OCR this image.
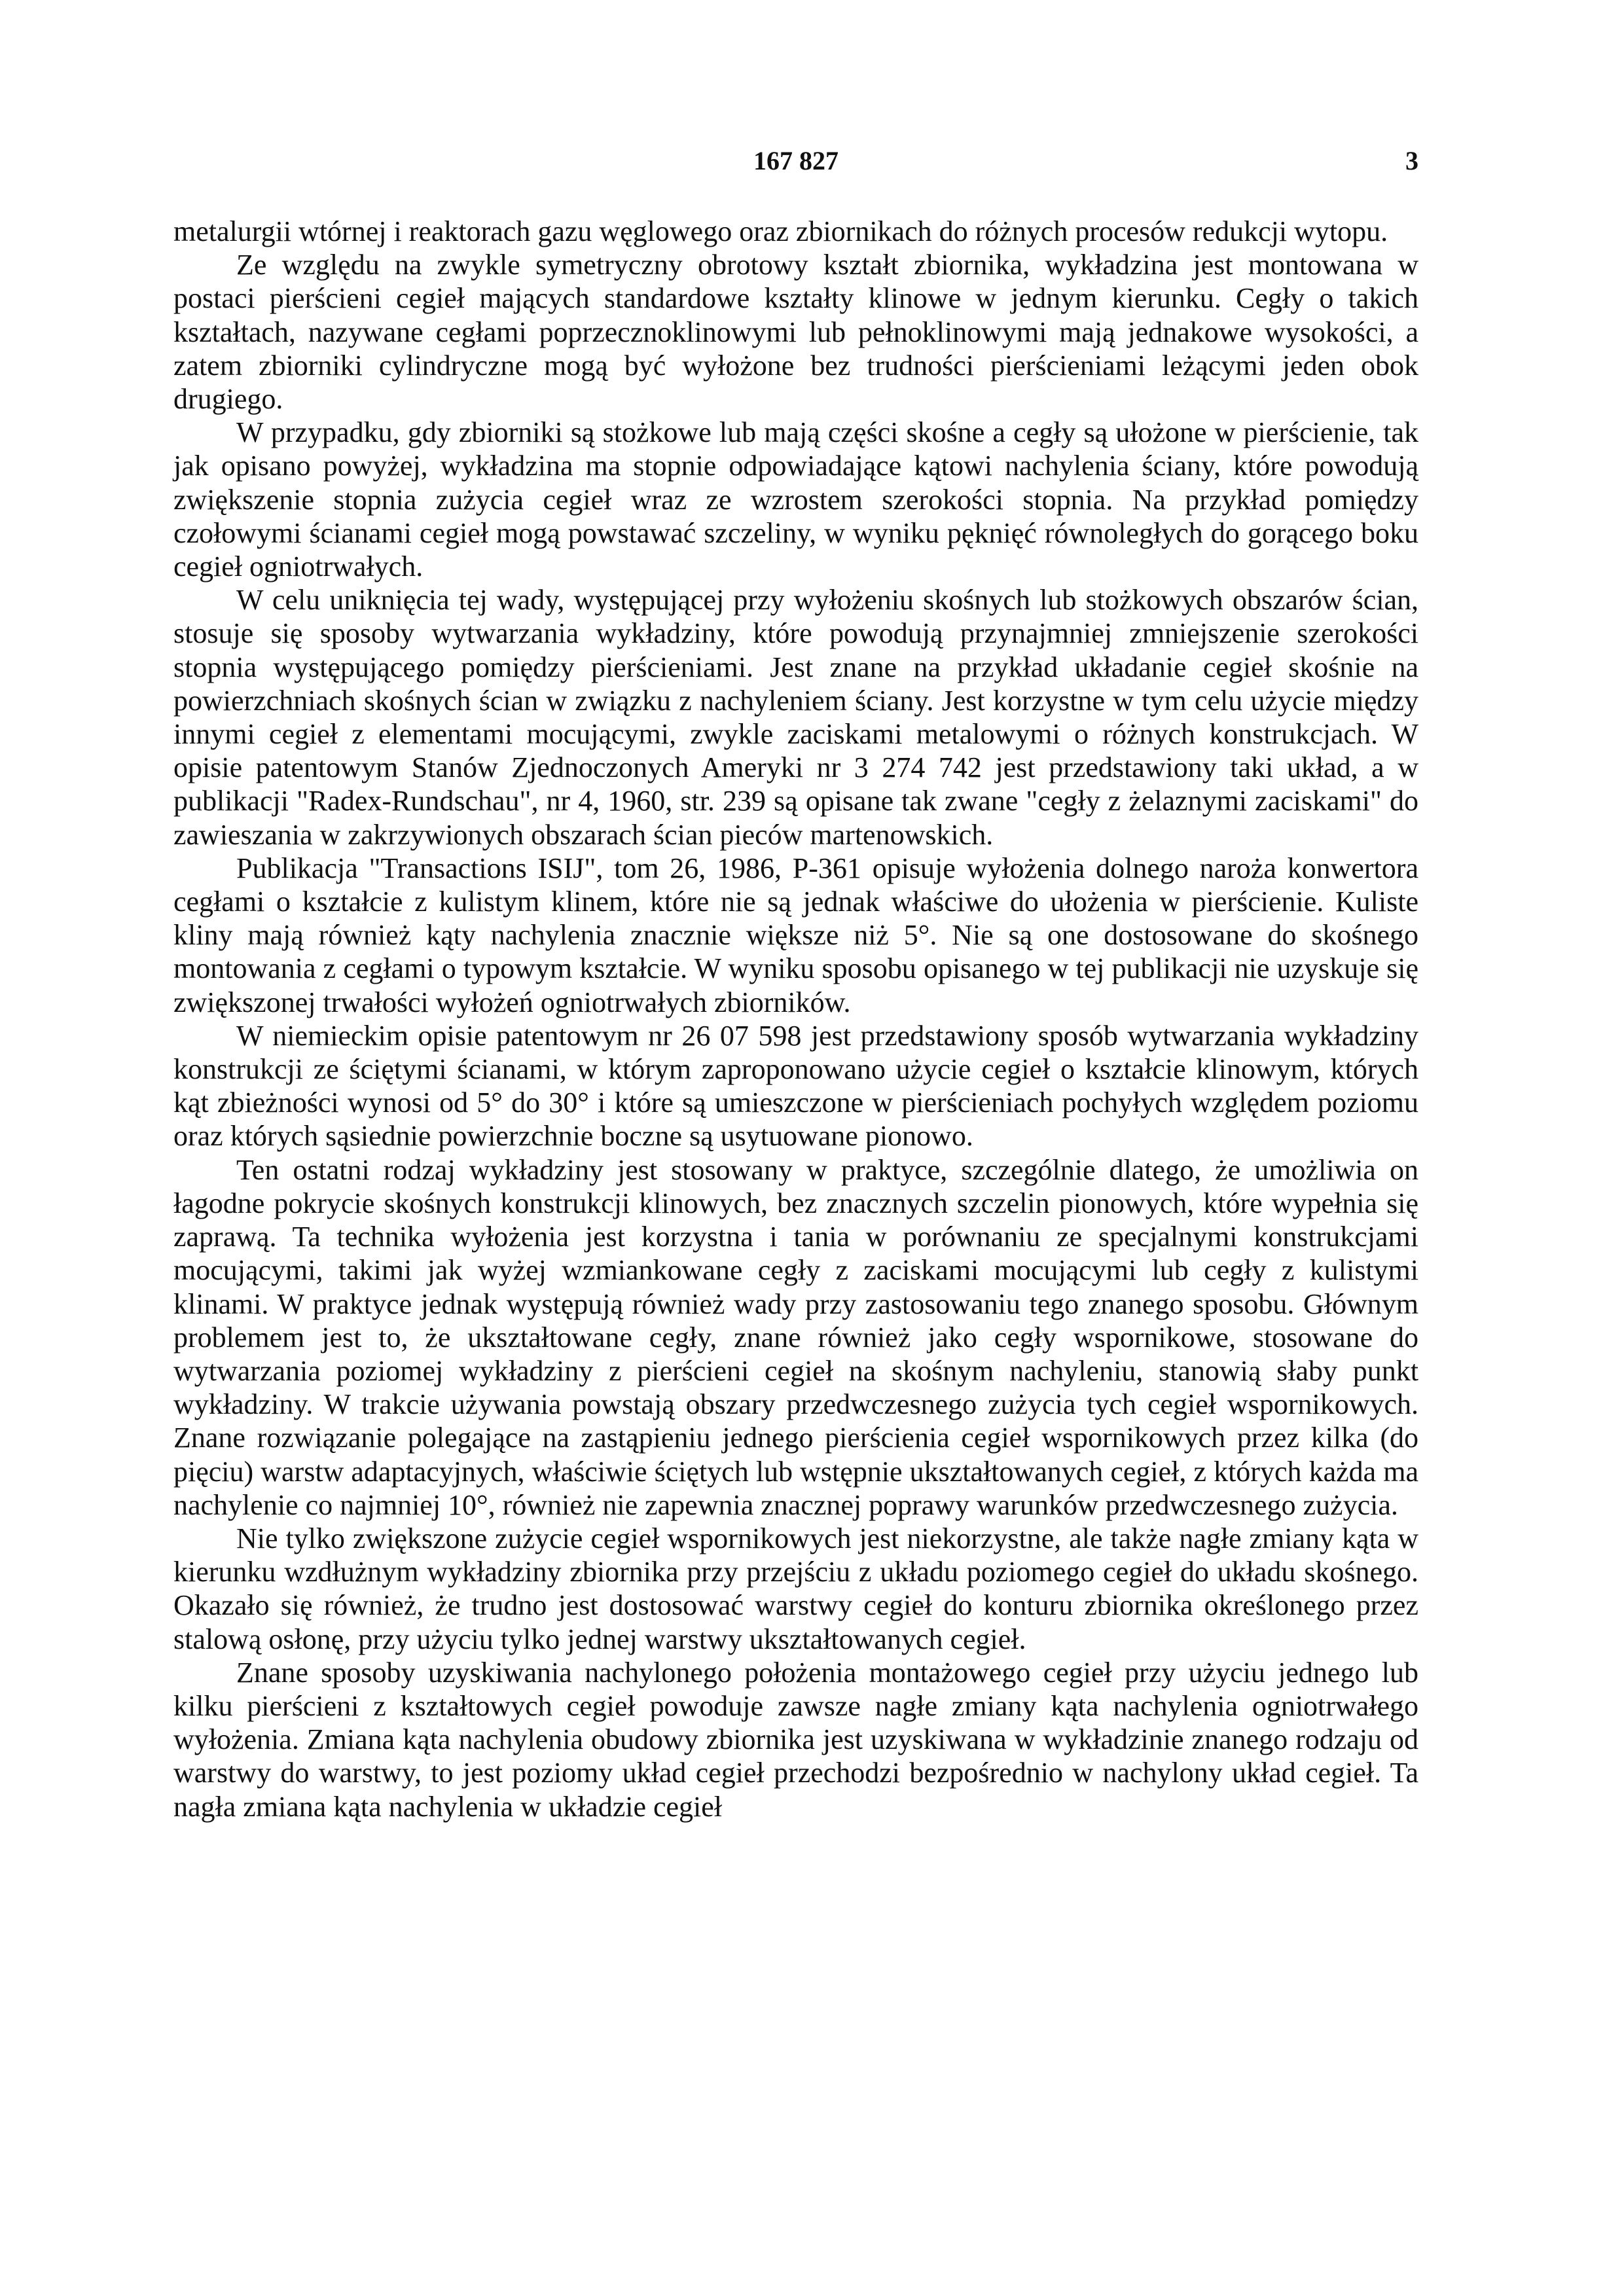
167 827	3

metalurgii wtórnej i reaktorach gazu węglowego oraz zbiornikach do różnych procesów redukcji wytopu.

Ze względu na zwykle symetryczny obrotowy kształt zbiornika, wykładzina jest montowana w postaci pierścieni cegieł mających standardowe kształty klinowe w jednym kierunku. Cegły o takich kształtach, nazywane cegłami poprzecznoklinowymi lub pełnoklinowymi mają jednakowe wysokości, a zatem zbiorniki cylindryczne mogą być wyłożone bez trudności pierścieniami leżącymi jeden obok drugiego.

W przypadku, gdy zbiorniki są stożkowe lub mają części skośne a cegły są ułożone w pierścienie, tak jak opisano powyżej, wykładzina ma stopnie odpowiadające kątowi nachylenia ściany, które powodują zwiększenie stopnia zużycia cegieł wraz ze wzrostem szerokości stopnia. Na przykład pomiędzy czołowymi ścianami cegieł mogą powstawać szczeliny, w wyniku pęknięć równoległych do gorącego boku cegieł ogniotrwałych.

W celu uniknięcia tej wady, występującej przy wyłożeniu skośnych lub stożkowych obszarów ścian, stosuje się sposoby wytwarzania wykładziny, które powodują przynajmniej zmniejszenie szerokości stopnia występującego pomiędzy pierścieniami. Jest znane na przykład układanie cegieł skośnie na powierzchniach skośnych ścian w związku z nachyleniem ściany. Jest korzystne w tym celu użycie między innymi cegieł z elementami mocującymi, zwykle zaciskami metalowymi o różnych konstrukcjach. W opisie patentowym Stanów Zjednoczonych Ameryki nr 3 274 742 jest przedstawiony taki układ, a w publikacji "Radex-Rundschau", nr 4, 1960, str. 239 są opisane tak zwane "cegły z żelaznymi zaciskami" do zawieszania w zakrzywionych obszarach ścian pieców martenowskich.

Publikacja "Transactions ISIJ", tom 26, 1986, P-361 opisuje wyłożenia dolnego naroża konwertora cegłami o kształcie z kulistym klinem, które nie są jednak właściwe do ułożenia w pierścienie. Kuliste kliny mają również kąty nachylenia znacznie większe niż 5°. Nie są one dostosowane do skośnego montowania z cegłami o typowym kształcie. W wyniku sposobu opisanego w tej publikacji nie uzyskuje się zwiększonej trwałości wyłożeń ogniotrwałych zbiorników.

W niemieckim opisie patentowym nr 26 07 598 jest przedstawiony sposób wytwarzania wykładziny konstrukcji ze ściętymi ścianami, w którym zaproponowano użycie cegieł o kształcie klinowym, których kąt zbieżności wynosi od 5° do 30° i które są umieszczone w pierścieniach pochyłych względem poziomu oraz których sąsiednie powierzchnie boczne są usytuowane pionowo.

Ten ostatni rodzaj wykładziny jest stosowany w praktyce, szczególnie dlatego, że umożliwia on łagodne pokrycie skośnych konstrukcji klinowych, bez znacznych szczelin pionowych, które wypełnia się zaprawą. Ta technika wyłożenia jest korzystna i tania w porównaniu ze specjalnymi konstrukcjami mocującymi, takimi jak wyżej wzmiankowane cegły z zaciskami mocującymi lub cegły z kulistymi klinami. W praktyce jednak występują również wady przy zastosowaniu tego znanego sposobu. Głównym problemem jest to, że ukształtowane cegły, znane również jako cegły wspornikowe, stosowane do wytwarzania poziomej wykładziny z pierścieni cegieł na skośnym nachyleniu, stanowią słaby punkt wykładziny. W trakcie używania powstają obszary przedwczesnego zużycia tych cegieł wspornikowych. Znane rozwiązanie polegające na zastąpieniu jednego pierścienia cegieł wspornikowych przez kilka (do pięciu) warstw adaptacyjnych, właściwie ściętych lub wstępnie ukształtowanych cegieł, z których każda ma nachylenie co najmniej 10°, również nie zapewnia znacznej poprawy warunków przedwczesnego zużycia.

Nie tylko zwiększone zużycie cegieł wspornikowych jest niekorzystne, ale także nagłe zmiany kąta w kierunku wzdłużnym wykładziny zbiornika przy przejściu z układu poziomego cegieł do układu skośnego. Okazało się również, że trudno jest dostosować warstwy cegieł do konturu zbiornika określonego przez stalową osłonę, przy użyciu tylko jednej warstwy ukształtowanych cegieł.

Znane sposoby uzyskiwania nachylonego położenia montażowego cegieł przy użyciu jednego lub kilku pierścieni z kształtowych cegieł powoduje zawsze nagłe zmiany kąta nachylenia ogniotrwałego wyłożenia. Zmiana kąta nachylenia obudowy zbiornika jest uzyskiwana w wykładzinie znanego rodzaju od warstwy do warstwy, to jest poziomy układ cegieł przechodzi bezpośrednio w nachylony układ cegieł. Ta nagła zmiana kąta nachylenia w układzie cegieł
